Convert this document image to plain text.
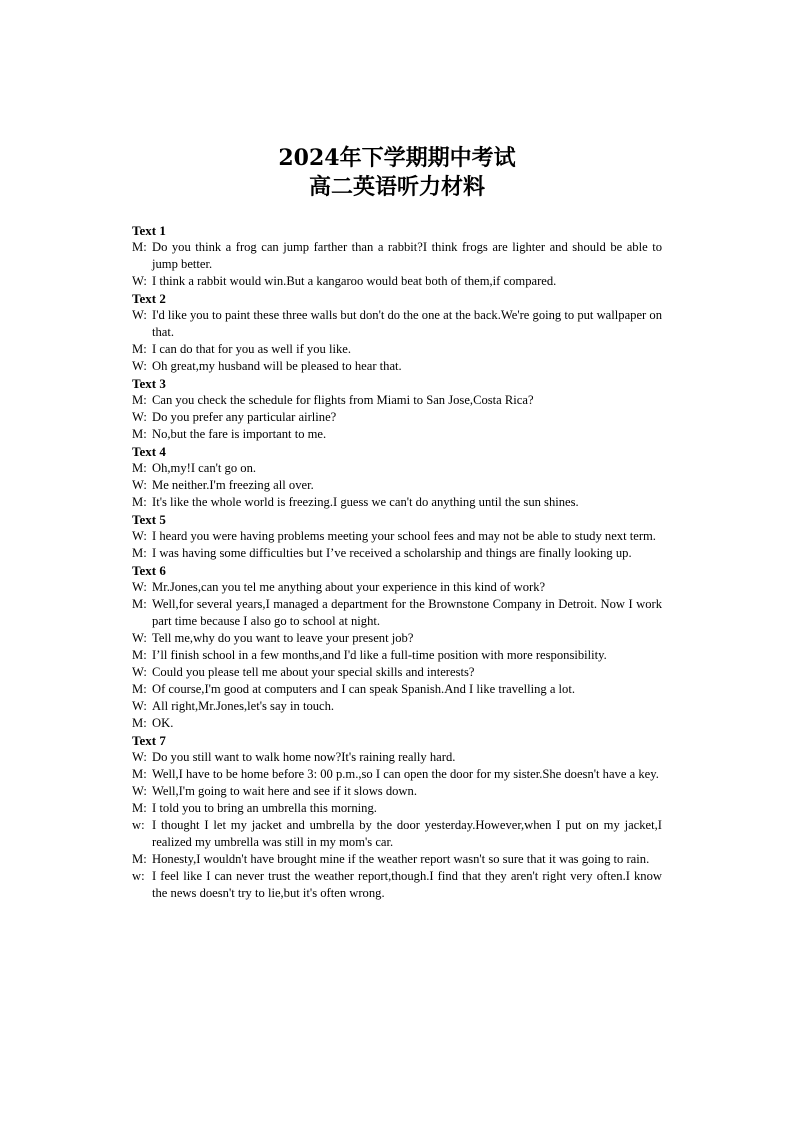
2024年下学期期中考试
高二英语听力材料
Text 1
M: Do you think a frog can jump farther than a rabbit?I think frogs are lighter and should be able to jump better.
W: I think a rabbit would win.But a kangaroo would beat both of them,if compared.
Text 2
W: I'd like you to paint these three walls but don't do the one at the back.We're going to put wallpaper on that.
M: I can do that for you as well if you like.
W: Oh great,my husband will be pleased to hear that.
Text 3
M: Can you check the schedule for flights from Miami to San Jose,Costa Rica?
W: Do you prefer any particular airline?
M: No,but the fare is important to me.
Text 4
M: Oh,my!I can't go on.
W: Me neither.I'm freezing all over.
M: It's like the whole world is freezing.I guess we can't do anything until the sun shines.
Text 5
W: I heard you were having problems meeting your school fees and may not be able to study next term.
M: I was having some difficulties but I’ve received a scholarship and things are finally looking up.
Text 6
W: Mr.Jones,can you tel me anything about your experience in this kind of work?
M: Well,for several years,I managed a department for the Brownstone Company in Detroit. Now I work part time because I also go to school at night.
W: Tell me,why do you want to leave your present job?
M: I’ll finish school in a few months,and I'd like a full-time position with more responsibility.
W: Could you please tell me about your special skills and interests?
M: Of course,I'm good at computers and I can speak Spanish.And I like travelling a lot.
W: All right,Mr.Jones,let's say in touch.
M: OK.
Text 7
W: Do you still want to walk home now?It's raining really hard.
M: Well,I have to be home before 3: 00 p.m.,so I can open the door for my sister.She doesn't have a key.
W: Well,I'm going to wait here and see if it slows down.
M: I told you to bring an umbrella this morning.
w: I thought I let my jacket and umbrella by the door yesterday.However,when I put on my jacket,I realized my umbrella was still in my mom's car.
M: Honesty,I wouldn't have brought mine if the weather report wasn't so sure that it was going to rain.
w: I feel like I can never trust the weather report,though.I find that they aren't right very often.I know the news doesn't try to lie,but it's often wrong.
